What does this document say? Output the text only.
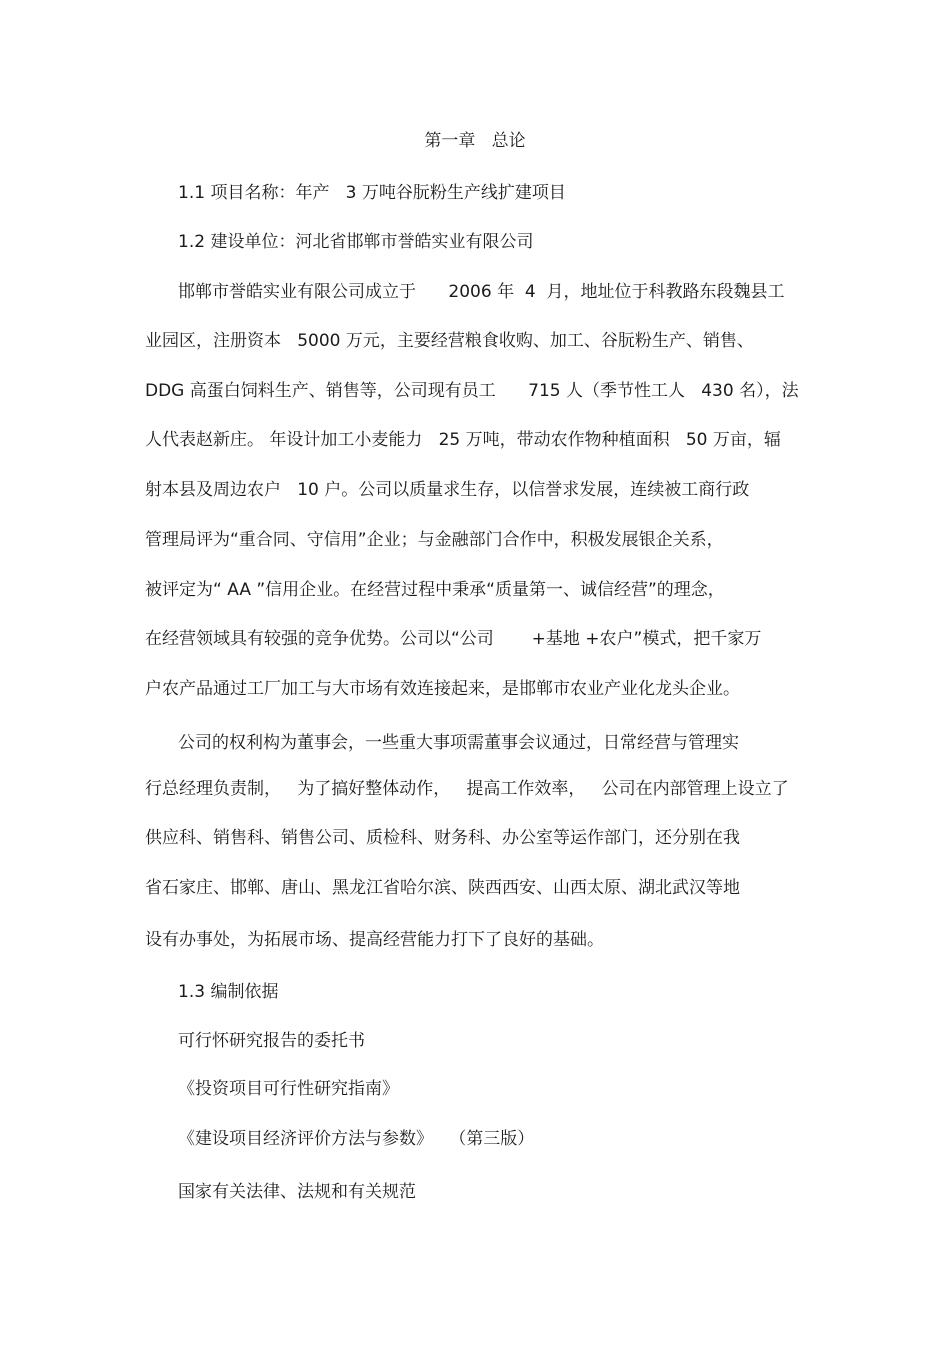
第一章   总论
1.1 项目名称：年产   3 万吨谷朊粉生产线扩建项目
1.2 建设单位：河北省邯郸市誉皓实业有限公司
邯郸市誉皓实业有限公司成立于      2006 年  4  月，地址位于科教路东段魏县工
业园区，注册资本   5000 万元，主要经营粮食收购、加工、谷朊粉生产、销售、
DDG 高蛋白饲料生产、销售等，公司现有员工      715 人（季节性工人   430 名），法
人代表赵新庄。 年设计加工小麦能力   25 万吨，带动农作物种植面积   50 万亩，辐
射本县及周边农户   10 户。公司以质量求生存，以信誉求发展，连续被工商行政
管理局评为“重合同、守信用”企业；与金融部门合作中，积极发展银企关系，
被评定为“ AA ”信用企业。在经营过程中秉承“质量第一、诚信经营”的理念，
在经营领域具有较强的竞争优势。公司以“公司       +基地 +农户”模式，把千家万
户农产品通过工厂加工与大市场有效连接起来，是邯郸市农业产业化龙头企业。
公司的权利构为董事会，一些重大事项需董事会议通过，日常经营与管理实
行总经理负责制，   为了搞好整体动作，   提高工作效率，   公司在内部管理上设立了
供应科、销售科、销售公司、质检科、财务科、办公室等运作部门，还分别在我
省石家庄、邯郸、唐山、黑龙江省哈尔滨、陕西西安、山西太原、湖北武汉等地
设有办事处，为拓展市场、提高经营能力打下了良好的基础。
1.3 编制依据
可行怀研究报告的委托书
《投资项目可行性研究指南》
《建设项目经济评价方法与参数》   （第三版）
国家有关法律、法规和有关规范
